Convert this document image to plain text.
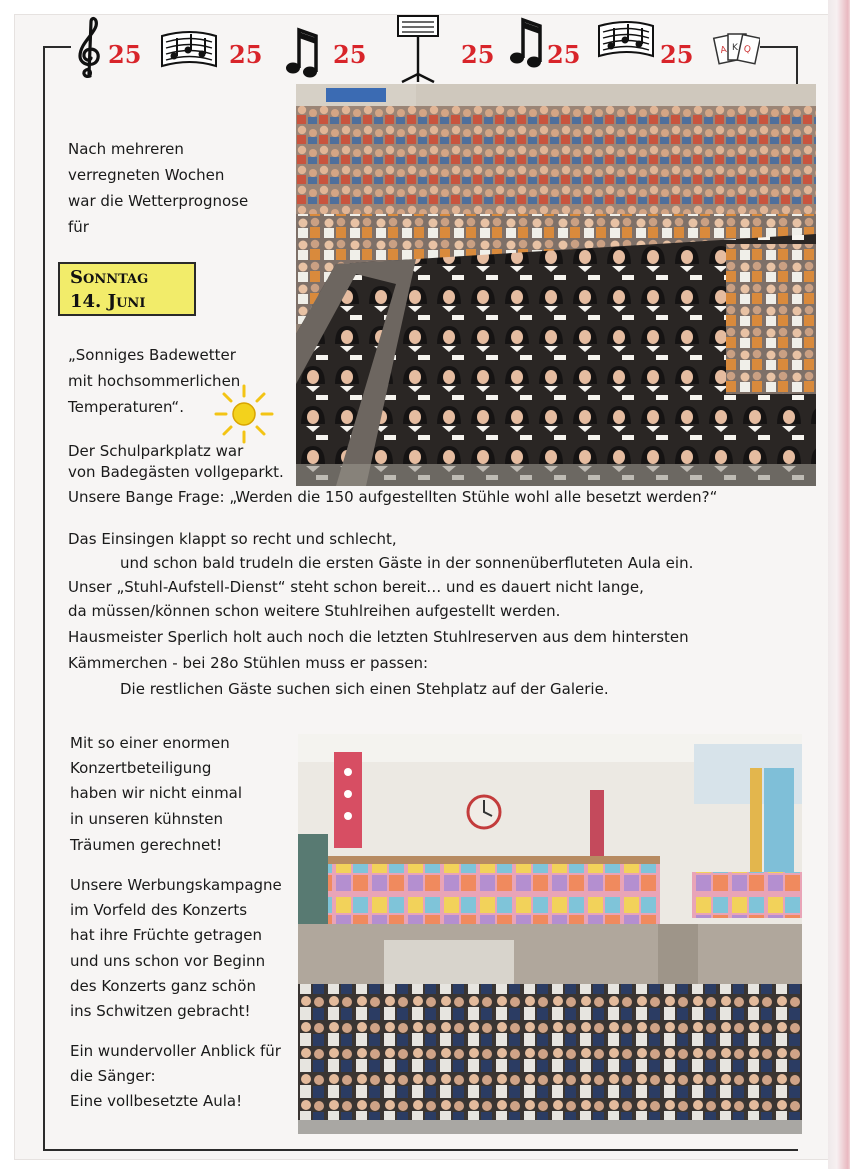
25	25	25	25 25	25	A K Q
Nach mehreren
verregneten Wochen
war die Wetterprognose
für
Sonntag
14. Juni
„Sonniges Badewetter
mit hochsommerlichen
Temperaturen“.
Der Schulparkplatz war
von Badegästen vollgeparkt.
Unsere Bange Frage: „Werden die 150 aufgestellten Stühle wohl alle besetzt werden?“
Das Einsingen klappt so recht und schlecht,
und schon bald trudeln die ersten Gäste in der sonnenüberfluteten Aula ein.
Unser „Stuhl-Aufstell-Dienst“ steht schon bereit… und es dauert nicht lange,
da müssen/können schon weitere Stuhlreihen aufgestellt werden.
Hausmeister Sperlich holt auch noch die letzten Stuhlreserven aus dem hintersten
Kämmerchen - bei 28o Stühlen muss er passen:
Die restlichen Gäste suchen sich einen Stehplatz auf der Galerie.
Mit so einer enormen
Konzertbeteiligung
haben wir nicht einmal
in unseren kühnsten
Träumen gerechnet!
Unsere Werbungskampagne
im Vorfeld des Konzerts
hat ihre Früchte getragen
und uns schon vor Beginn
des Konzerts ganz schön
ins Schwitzen gebracht!
Ein wundervoller Anblick für
die Sänger:
Eine vollbesetzte Aula!
